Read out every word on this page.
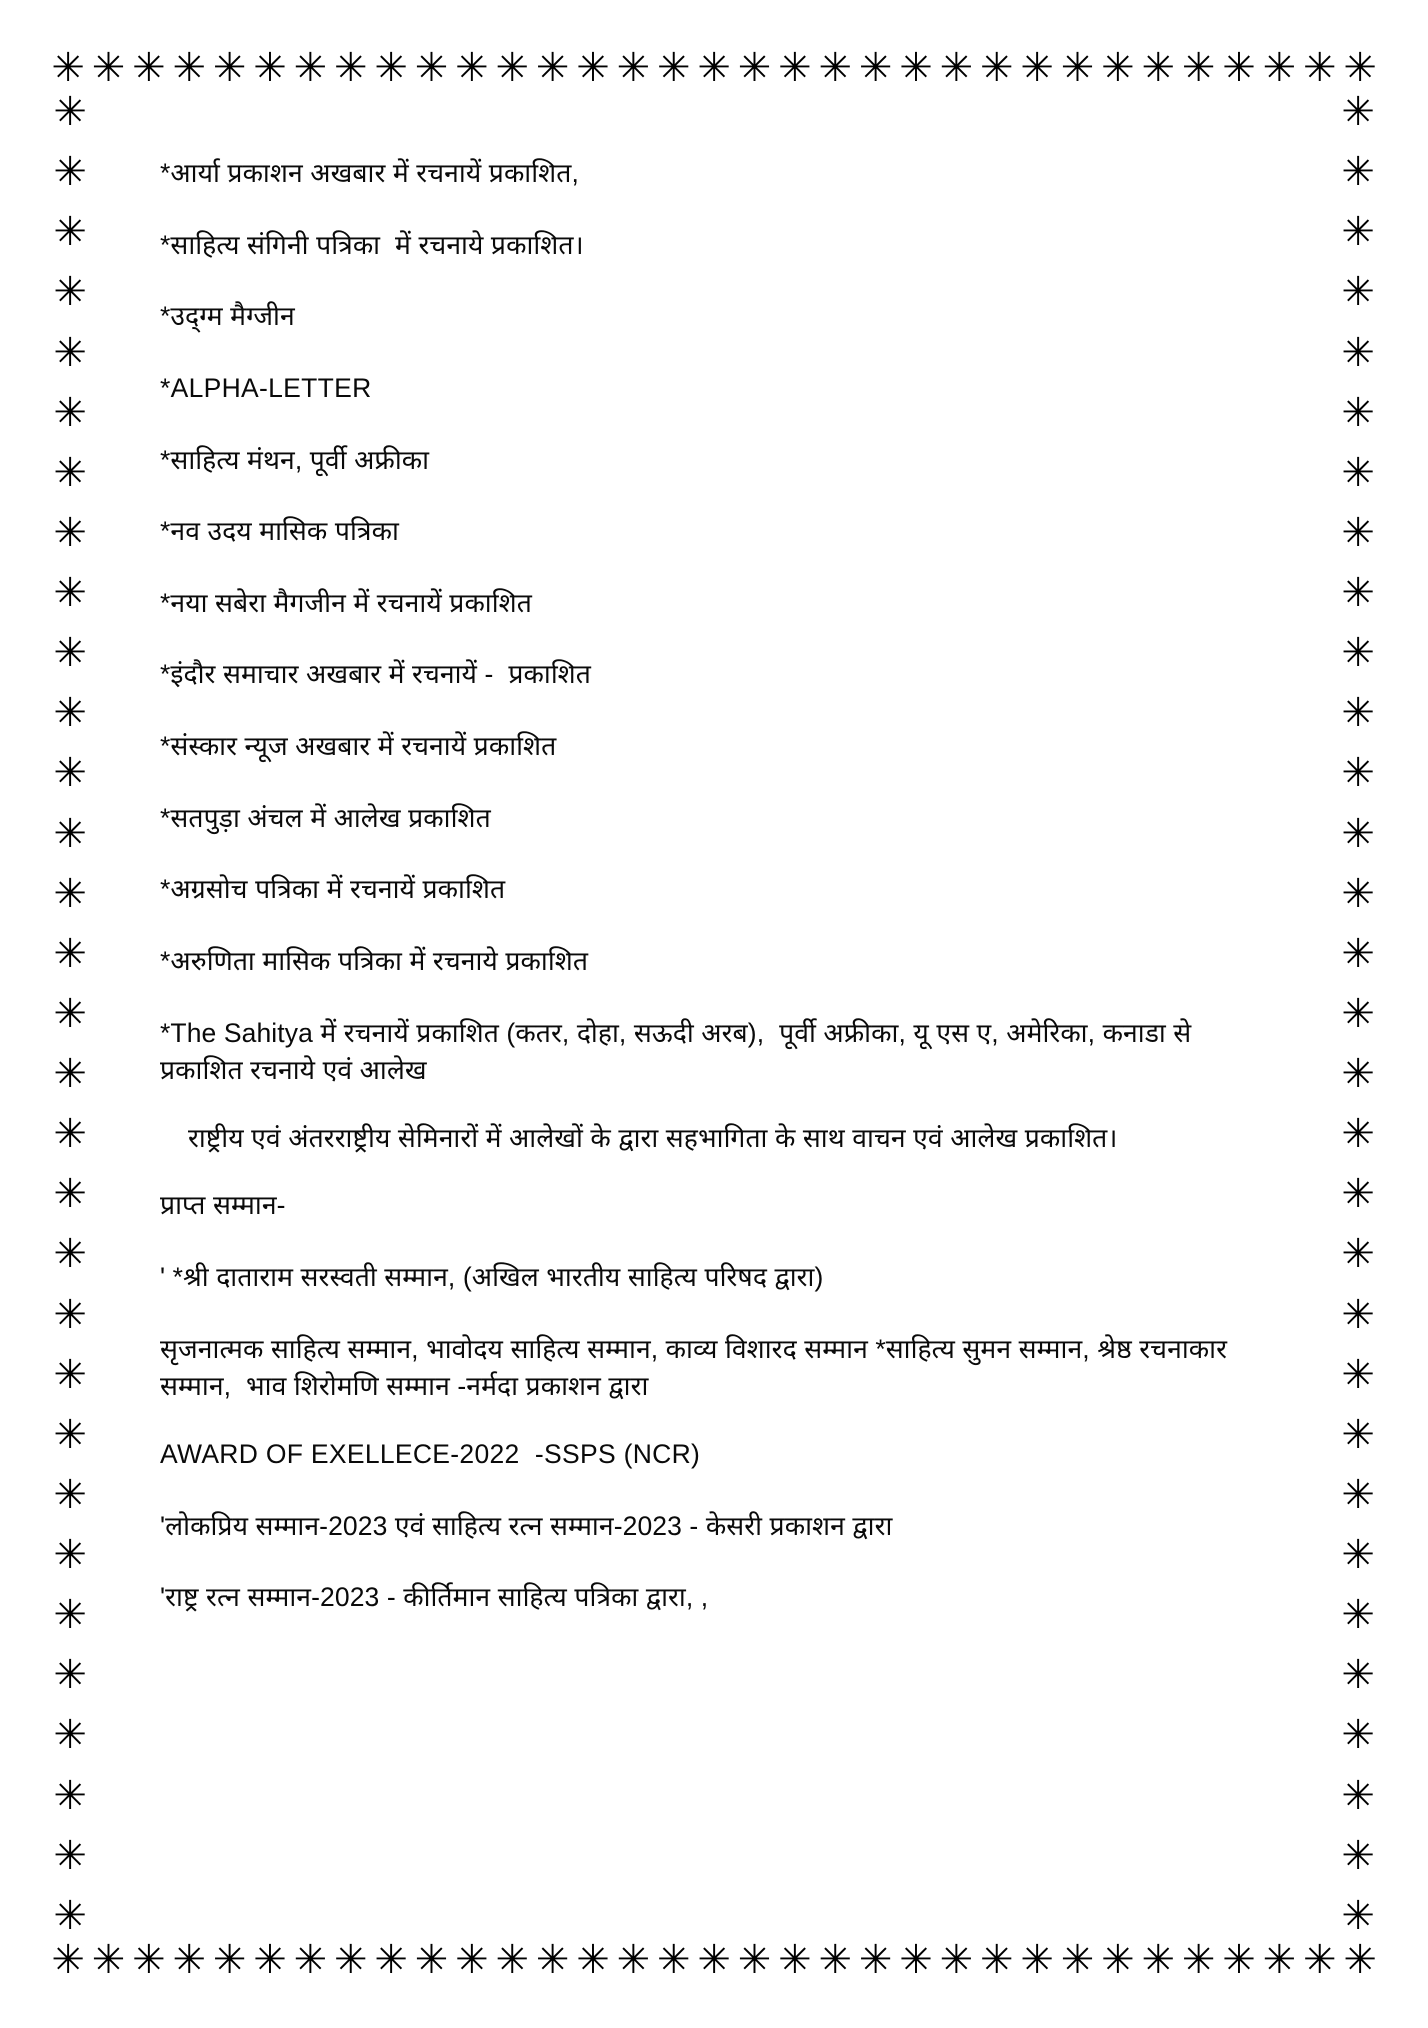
✳ ✳ ✳ ✳ ✳ ✳ ✳ ✳ ✳ ✳ ✳ ✳ ✳ ✳ ✳ ✳ ✳ ✳ ✳ ✳ ✳ ✳ ✳ ✳ ✳ ✳ ✳ ✳ ✳ ✳ ✳ ✳ ✳
✳ ✳ ✳ ✳ ✳ ✳ ✳ ✳ ✳ ✳ ✳ ✳ ✳ ✳ ✳ ✳ ✳ ✳ ✳ ✳ ✳ ✳ ✳ ✳ ✳ ✳ ✳ ✳ ✳ ✳ ✳ ✳ ✳
✳
✳
✳
✳
✳
✳
✳
✳
✳
✳
✳
✳
✳
✳
✳
✳
✳
✳
✳
✳
✳
✳
✳
✳
✳
✳
✳
✳
✳
✳
✳
✳
✳
✳
✳
✳
✳
✳
✳
✳
✳
✳
✳
✳
✳
✳
✳
✳
✳
✳
✳
✳
✳
✳
✳
✳
✳
✳
✳
✳
✳
✳

*आर्या प्रकाशन अखबार में रचनायें प्रकाशित,

*साहित्य संगिनी पत्रिका  में रचनाये प्रकाशित।

*उद्ग्म मैग्जीन

*ALPHA-LETTER

*साहित्य मंथन, पूर्वी अफ्रीका

*नव उदय मासिक पत्रिका

*नया सबेरा मैगजीन में रचनायें प्रकाशित

*इंदौर समाचार अखबार में रचनायें -  प्रकाशित

*संस्कार न्यूज अखबार में रचनायें प्रकाशित

*सतपुड़ा अंचल में आलेख प्रकाशित

*अग्रसोच पत्रिका में रचनायें प्रकाशित

*अरुणिता मासिक पत्रिका में रचनाये प्रकाशित

*The Sahitya में रचनायें प्रकाशित (कतर, दोहा, सऊदी अरब),  पूर्वी अफ्रीका, यू एस ए, अमेरिका, कनाडा से प्रकाशित रचनाये एवं आलेख

राष्ट्रीय एवं अंतरराष्ट्रीय सेमिनारों में आलेखों के द्वारा सहभागिता के साथ वाचन एवं आलेख प्रकाशित।

प्राप्त सम्मान-

' *श्री दाताराम सरस्वती सम्मान, (अखिल भारतीय साहित्य परिषद द्वारा)

सृजनात्मक साहित्य सम्मान, भावोदय साहित्य सम्मान, काव्य विशारद सम्मान *साहित्य सुमन सम्मान, श्रेष्ठ रचनाकार सम्मान,  भाव शिरोमणि सम्मान -नर्मदा प्रकाशन द्वारा

AWARD OF EXELLECE-2022  -SSPS (NCR)

'लोकप्रिय सम्मान-2023 एवं साहित्य रत्न सम्मान-2023 - केसरी प्रकाशन द्वारा

'राष्ट्र रत्न सम्मान-2023 - कीर्तिमान साहित्य पत्रिका द्वारा, ,
